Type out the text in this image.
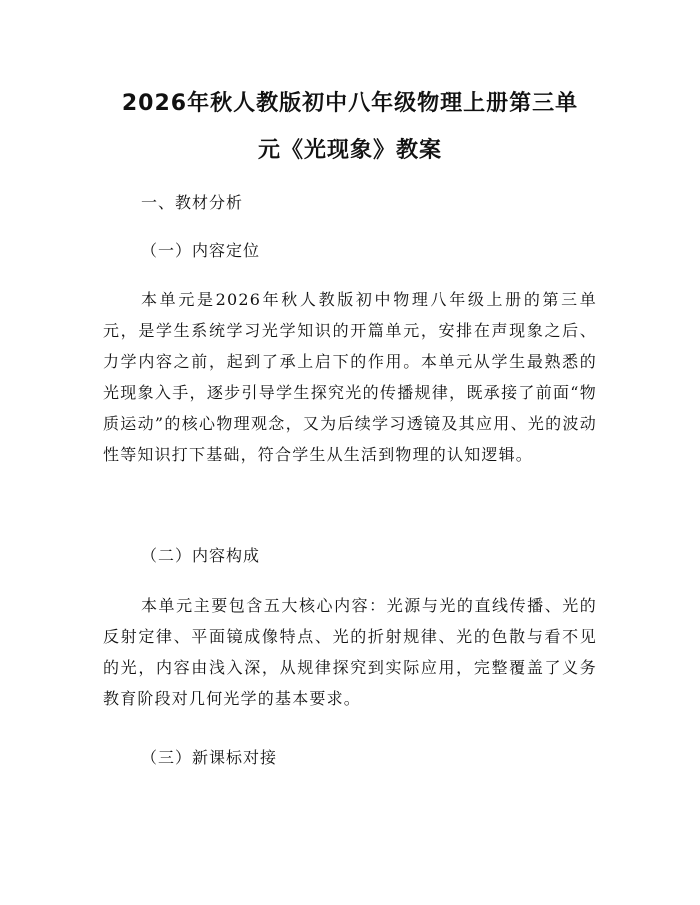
2026年秋人教版初中八年级物理上册第三单
元《光现象》教案

一、教材分析

（一）内容定位

本单元是2026年秋人教版初中物理八年级上册的第三单元，是学生系统学习光学知识的开篇单元，安排在声现象之后、力学内容之前，起到了承上启下的作用。本单元从学生最熟悉的光现象入手，逐步引导学生探究光的传播规律，既承接了前面“物质运动”的核心物理观念，又为后续学习透镜及其应用、光的波动性等知识打下基础，符合学生从生活到物理的认知逻辑。

（二）内容构成

本单元主要包含五大核心内容：光源与光的直线传播、光的反射定律、平面镜成像特点、光的折射规律、光的色散与看不见的光，内容由浅入深，从规律探究到实际应用，完整覆盖了义务教育阶段对几何光学的基本要求。

（三）新课标对接
